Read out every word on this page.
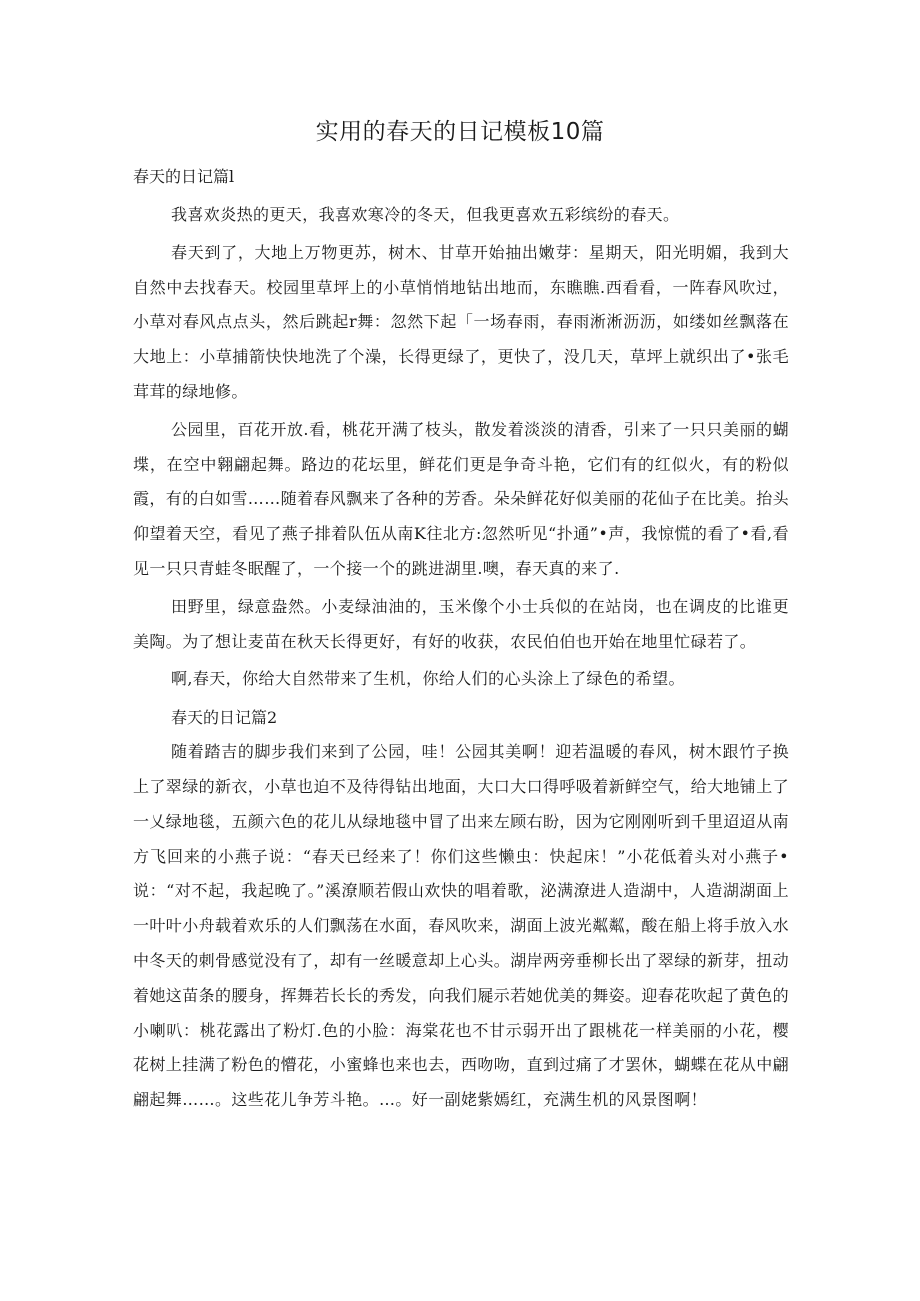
实用的春天的日记模板10篇

春天的日记篇l

我喜欢炎热的更天，我喜欢寒冷的冬天，但我更喜欢五彩缤纷的春天。

春天到了，大地上万物更苏，树木、甘草开始抽出嫩芽：星期天，阳光明媚，我到大自然中去找春天。校园里草坪上的小草悄悄地钻出地而，东瞧瞧.西看看，一阵春风吹过，小草对春风点点头，然后跳起r舞：忽然下起「一场春雨，春雨淅淅沥沥，如缕如丝飘落在大地上：小草捕箭快快地洗了个澡，长得更绿了，更快了，没几天，草坪上就织出了•张毛茸茸的绿地修。

公园里，百花开放.看，桃花开满了枝头，散发着淡淡的清香，引来了一只只美丽的蝴堞，在空中翱翩起舞。路边的花坛里，鲜花们更是争奇斗艳，它们有的红似火，有的粉似霞，有的白如雪……随着春风飘来了各种的芳香。朵朵鲜花好似美丽的花仙子在比美。抬头仰望着天空，看见了燕子排着队伍从南K往北方:忽然听见“扑通”•声，我惊慌的看了•看,看见一只只青蛙冬眠醒了，一个接一个的跳进湖里.噢，春天真的来了.

田野里，绿意盎然。小麦绿油油的，玉米像个小士兵似的在站岗，也在调皮的比谁更美陶。为了想让麦苗在秋天长得更好，有好的收获，农民伯伯也开始在地里忙碌若了。

啊,春天，你给大自然带来了生机，你给人们的心头涂上了绿色的希望。

春天的日记篇2

随着踏吉的脚步我们来到了公园，哇！公园其美啊！迎若温暖的春风，树木跟竹子换上了翠绿的新衣，小草也迫不及待得钻出地面，大口大口得呼吸着新鲜空气，给大地铺上了一乂绿地毯，五颜六色的花儿从绿地毯中冒了出来左顾右盼，因为它刚刚听到千里迢迢从南方飞回来的小燕子说：“春天已经来了！你们这些懒虫：快起床！”小花低着头对小燕子•说：“对不起，我起晚了。”溪潦顺若假山欢快的唱着歌，泌满潦进人造湖中，人造湖湖面上一叶叶小舟载着欢乐的人们飘荡在水面，春风吹来，湖面上波光粼粼，酸在船上将手放入水中冬天的刺骨感觉没有了，却有一丝暖意却上心头。湖岸两旁垂柳长出了翠绿的新芽，扭动着她这苗条的腰身，挥舞若长长的秀发，向我们屣示若她优美的舞姿。迎春花吹起了黄色的小喇叭：桃花露出了粉灯.色的小脸：海棠花也不甘示弱开出了跟桃花一样美丽的小花，樱花树上挂满了粉色的懵花，小蜜蜂也来也去，西吻吻，直到过痛了才罢休，蝴蝶在花从中翩翩起舞……。这些花儿争芳斗艳。…。好一副姥紫嫣红，充满生机的风景图啊！
